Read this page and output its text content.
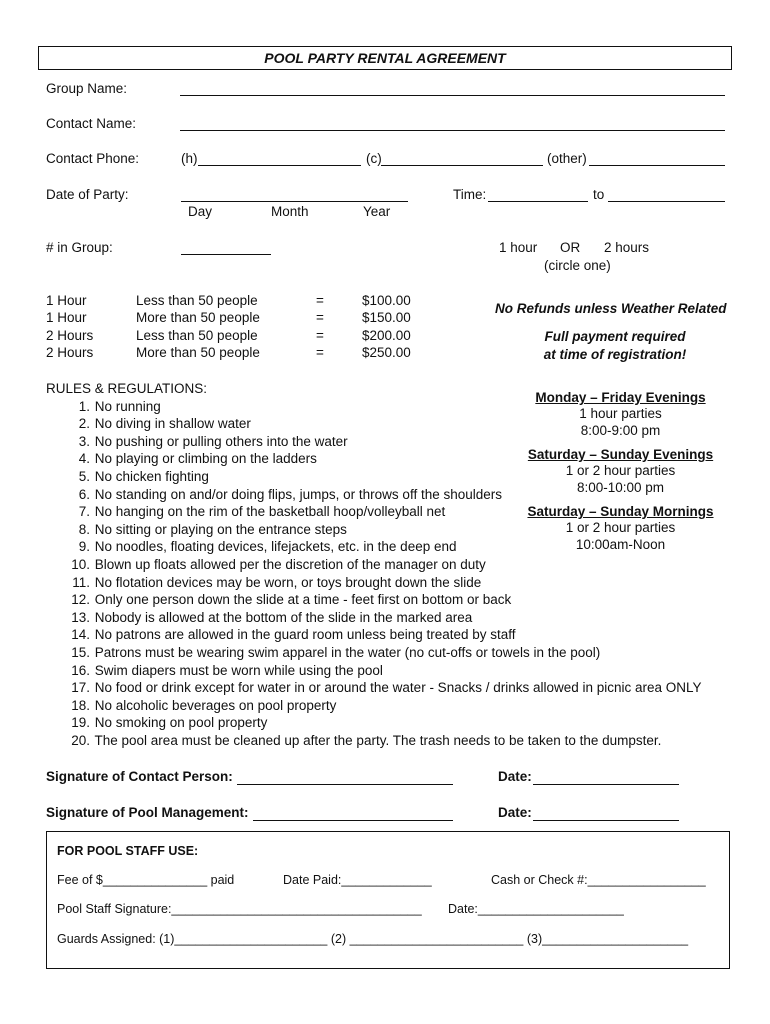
POOL PARTY RENTAL AGREEMENT
Group Name:
Contact Name:
Contact Phone:	(h)	(c)	(other)
Date of Party:
Day	Month	Year
Time:	to
# in Group:	1 hour OR 2 hours
(circle one)
1 Hour	Less than 50 people	=	$100.00
1 Hour	More than 50 people	=	$150.00
2 Hours	Less than 50 people	=	$200.00
2 Hours	More than 50 people	=	$250.00
No Refunds unless Weather Related
Full payment required
at time of registration!
Monday – Friday Evenings
1 hour parties
8:00-9:00 pm
Saturday – Sunday Evenings
1 or 2 hour parties
8:00-10:00 pm
Saturday – Sunday Mornings
1 or 2 hour parties
10:00am-Noon
RULES & REGULATIONS:
1. No running
2. No diving in shallow water
3. No pushing or pulling others into the water
4. No playing or climbing on the ladders
5. No chicken fighting
6. No standing on and/or doing flips, jumps, or throws off the shoulders
7. No hanging on the rim of the basketball hoop/volleyball net
8. No sitting or playing on the entrance steps
9. No noodles, floating devices, lifejackets, etc. in the deep end
10. Blown up floats allowed per the discretion of the manager on duty
11. No flotation devices may be worn, or toys brought down the slide
12. Only one person down the slide at a time - feet first on bottom or back
13. Nobody is allowed at the bottom of the slide in the marked area
14. No patrons are allowed in the guard room unless being treated by staff
15. Patrons must be wearing swim apparel in the water (no cut-offs or towels in the pool)
16. Swim diapers must be worn while using the pool
17. No food or drink except for water in or around the water - Snacks / drinks allowed in picnic area ONLY
18. No alcoholic beverages on pool property
19. No smoking on pool property
20. The pool area must be cleaned up after the party. The trash needs to be taken to the dumpster.
Signature of Contact Person:	Date:
Signature of Pool Management:	Date:
FOR POOL STAFF USE:
Fee of $_______________ paid	Date Paid:_____________	Cash or Check #:_________________
Pool Staff Signature:____________________________________ Date:_____________________
Guards Assigned: (1)______________________ (2) _________________________ (3)_____________________
